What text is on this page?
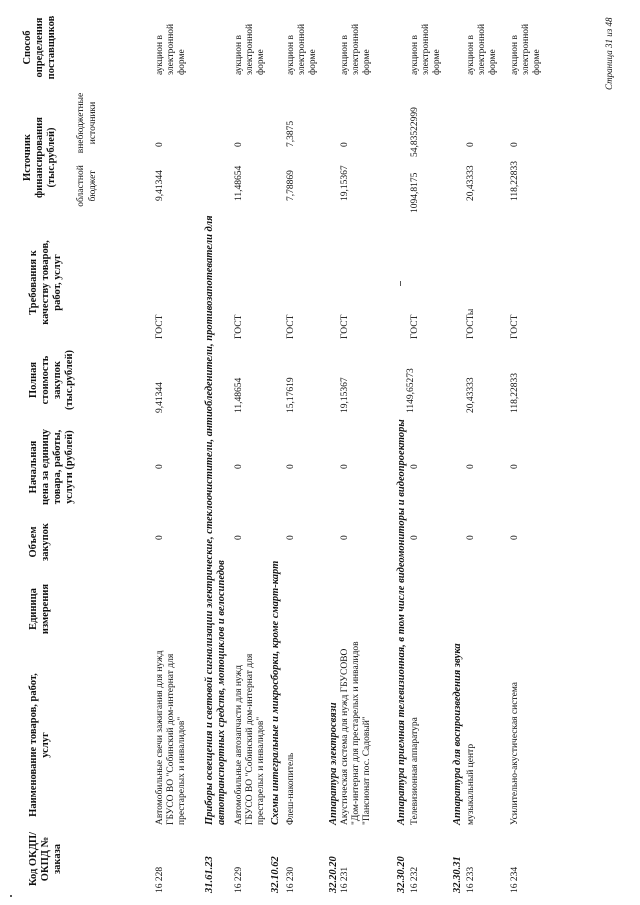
Код ОКДП/ ОКПД № заказа
Наименование товаров, работ, услуг
Единица измерения
Объем закупок
Начальная цена за единицу товара, работы, услуги (рублей)
Полная стоимость закупок (тыс.рублей)
Требования к качеству товаров, работ, услуг
Источник финансирования (тыс.рублей) областной бюджет
внебюджетные источники
Способ определения поставщиков
16 228
Автомобильные свечи зажигания для нужд ГБУСО ВО "Собинский дом-интернат для престарелых и инвалидов"
0
0
9,41344
ГОСТ
9,41344
0
аукцион в электронной форме
31.61.23
Приборы освещения и световой сигнализации электрические, стеклоочистители, антиобледенители, противозапотеватели для автотранспортных средств, мотоциклов и велосипедов
16 229
Автомобильные автозапчасти для нужд ГБУСО ВО "Собинский дом-интернат для престарелых и инвалидов"
0
0
11,48654
ГОСТ
11,48654
0
аукцион в электронной форме
32.10.62
Схемы интегральные и микросборки, кроме смарт-карт
16 230
Флеш-накопитель
0
0
15,17619
ГОСТ
7,78869
7,3875
аукцион в электронной форме
32.20.20
Аппаратура электросвязи
16 231
Акустическая система для нужд ГБУСОВО "Дом-интернат для престарелых и инвалидов "Пансионат пос. Садовый"
0
0
19,15367
ГОСТ
19,15367
0
аукцион в электронной форме
32.30.20
Аппаратура приемная телевизионная, в том числе видеомониторы и видеопроекторы
16 232
Телевизионная аппаратура
0
0
1149,65273
ГОСТ
1094,8175
54,83522999
аукцион в электронной форме
32.30.31
Аппаратура для воспроизведения звука
16 233
музыкальный центр
0
0
20,43333
ГОСТы
20,43333
0
аукцион в электронной форме
16 234
Усилительно-акустическая система
0
0
118,22833
ГОСТ
118,22833
0
аукцион в электронной форме	Страница 31 из 48
